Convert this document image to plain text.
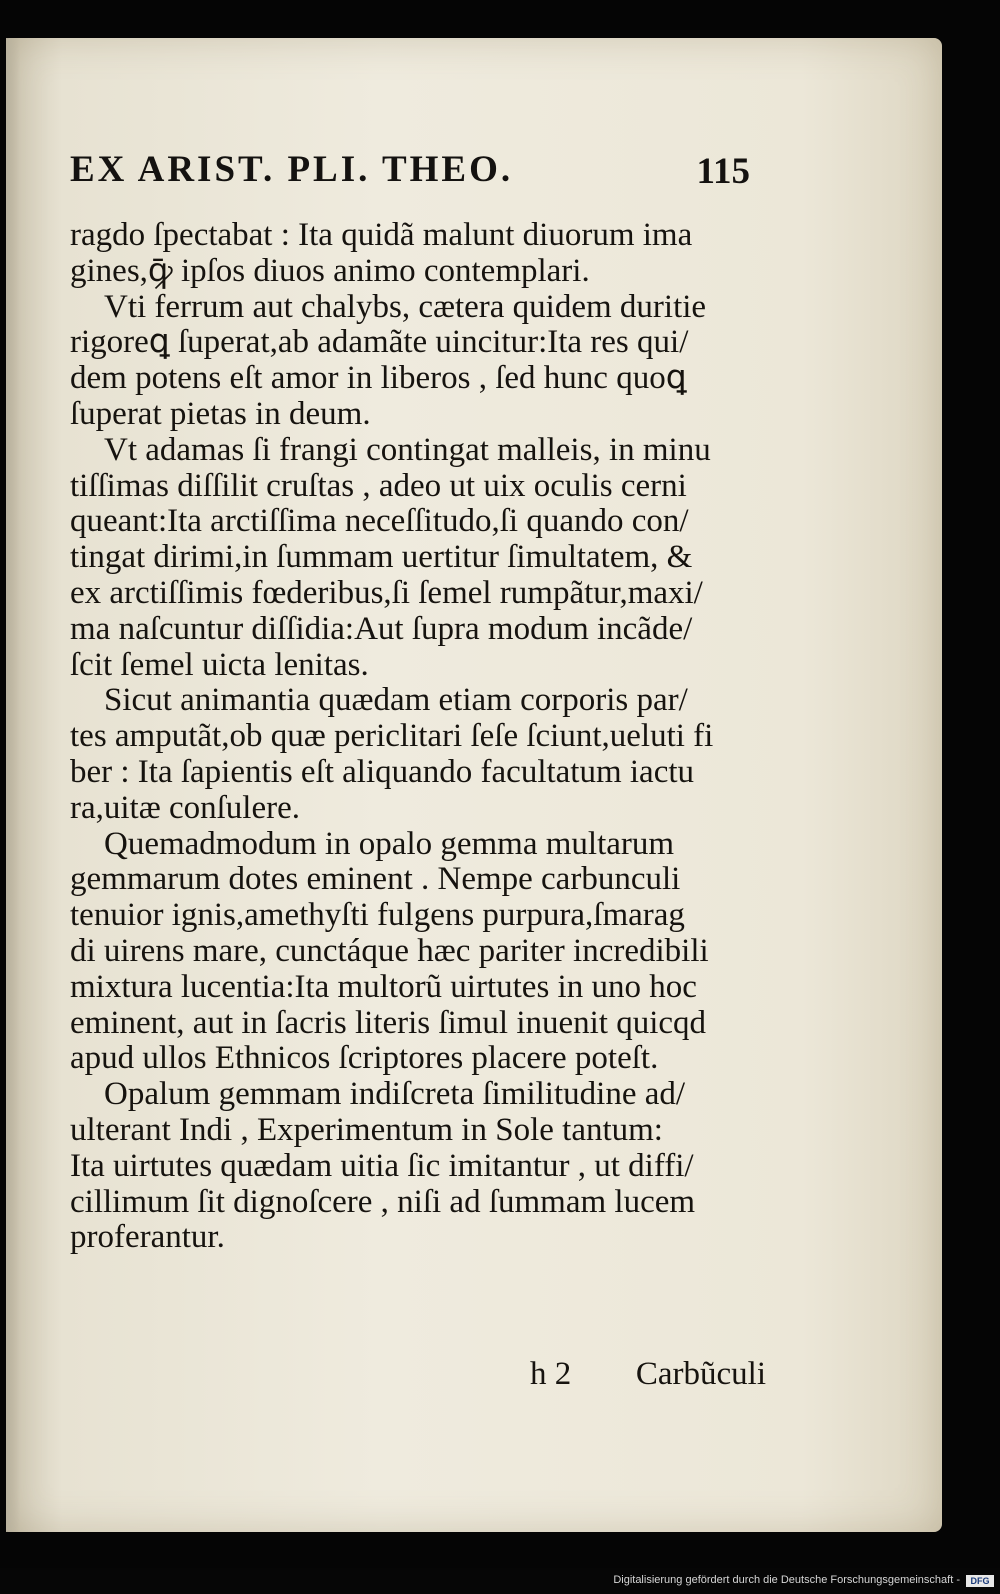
EX ARIST. PLI. THEO.	115
ragdo ſpectabat : Ita quidã malunt diuorum ima
gines,ꝙ̄ ipſos diuos animo contemplari.
Vti ferrum aut chalybs, cætera quidem duritie
rigoreꝗ ſuperat,ab adamãte uincitur:Ita res qui/
dem potens eſt amor in liberos , ſed hunc quoꝗ
ſuperat pietas in deum.
Vt adamas ſi frangi contingat malleis, in minu
tiſſimas diſſilit cruſtas , adeo ut uix oculis cerni
queant:Ita arctiſſima neceſſitudo,ſi quando con/
tingat dirimi,in ſummam uertitur ſimultatem, &
ex arctiſſimis fœderibus,ſi ſemel rumpãtur,maxi/
ma naſcuntur diſſidia:Aut ſupra modum incãde/
ſcit ſemel uicta lenitas.
Sicut animantia quædam etiam corporis par/
tes amputãt,ob quæ periclitari ſeſe ſciunt,ueluti fi
ber : Ita ſapientis eſt aliquando facultatum iactu
ra,uitæ conſulere.
Quemadmodum in opalo gemma multarum
gemmarum dotes eminent . Nempe carbunculi
tenuior ignis,amethyſti fulgens purpura,ſmarag
di uirens mare, cunctáque hæc pariter incredibili
mixtura lucentia:Ita multorũ uirtutes in uno hoc
eminent, aut in ſacris literis ſimul inuenit quicqd
apud ullos Ethnicos ſcriptores placere poteſt.
Opalum gemmam indiſcreta ſimilitudine ad/
ulterant Indi , Experimentum in Sole tantum:
Ita uirtutes quædam uitia ſic imitantur , ut diffi/
cillimum ſit dignoſcere , niſi ad ſummam lucem
proferantur.
h 2 Carbũculi
Digitalisierung gefördert durch die Deutsche Forschungsgemeinschaft -	DFG
